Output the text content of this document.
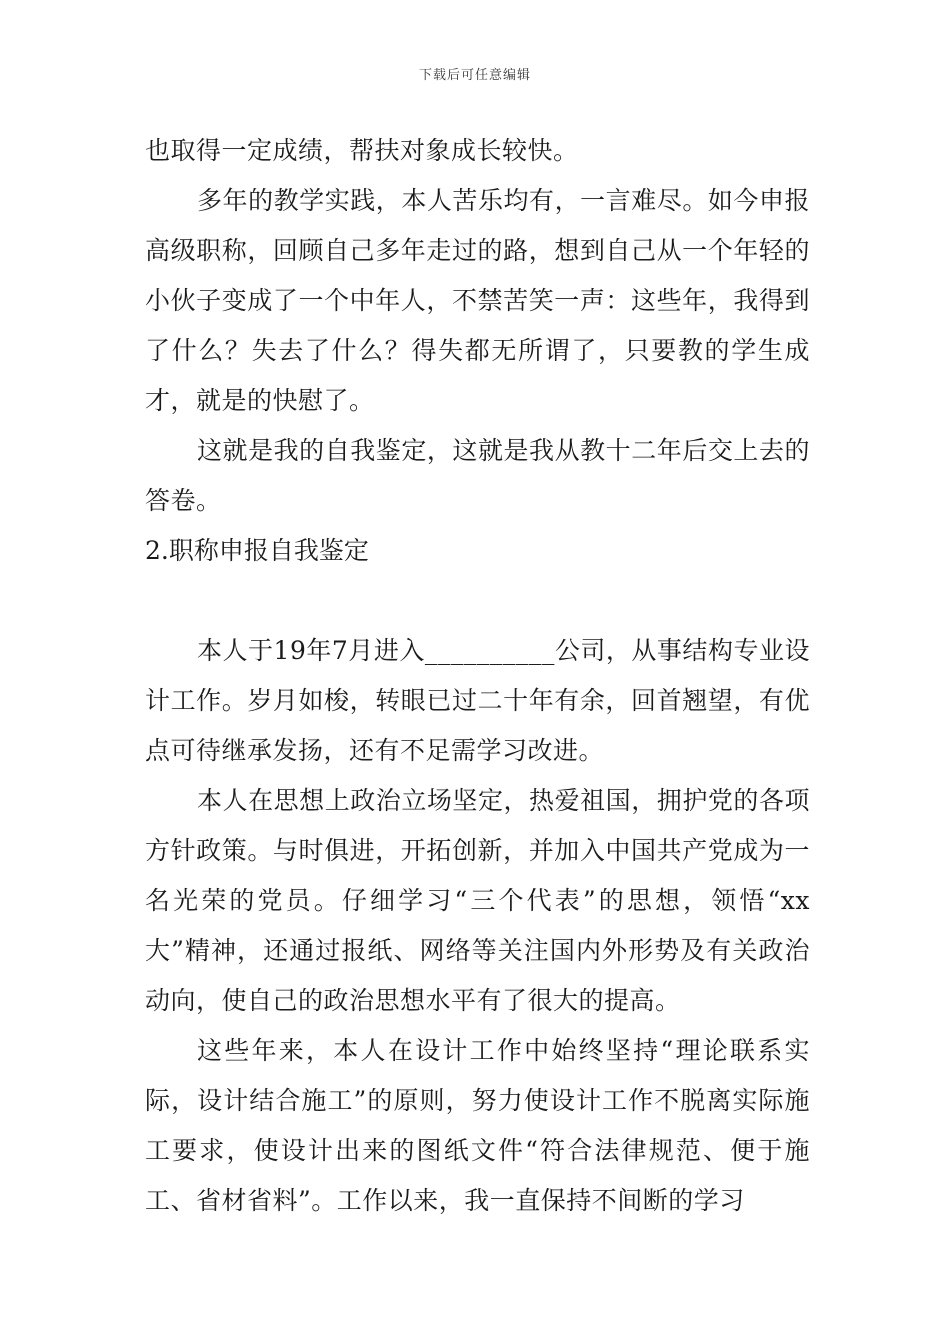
下载后可任意编辑

也取得一定成绩，帮扶对象成长较快。

多年的教学实践，本人苦乐均有，一言难尽。如今申报高级职称，回顾自己多年走过的路，想到自己从一个年轻的小伙子变成了一个中年人，不禁苦笑一声：这些年，我得到了什么？失去了什么？得失都无所谓了，只要教的学生成才，就是的快慰了。

这就是我的自我鉴定，这就是我从教十二年后交上去的答卷。

2.职称申报自我鉴定

本人于19年7月进入__________公司，从事结构专业设计工作。岁月如梭，转眼已过二十年有余，回首翘望，有优点可待继承发扬，还有不足需学习改进。

本人在思想上政治立场坚定，热爱祖国，拥护党的各项方针政策。与时俱进，开拓创新，并加入中国共产党成为一名光荣的党员。仔细学习“三个代表”的思想，领悟“xx大”精神，还通过报纸、网络等关注国内外形势及有关政治动向，使自己的政治思想水平有了很大的提高。

这些年来，本人在设计工作中始终坚持“理论联系实际，设计结合施工”的原则，努力使设计工作不脱离实际施工要求，使设计出来的图纸文件“符合法律规范、便于施工、省材省料”。工作以来，我一直保持不间断的学习
